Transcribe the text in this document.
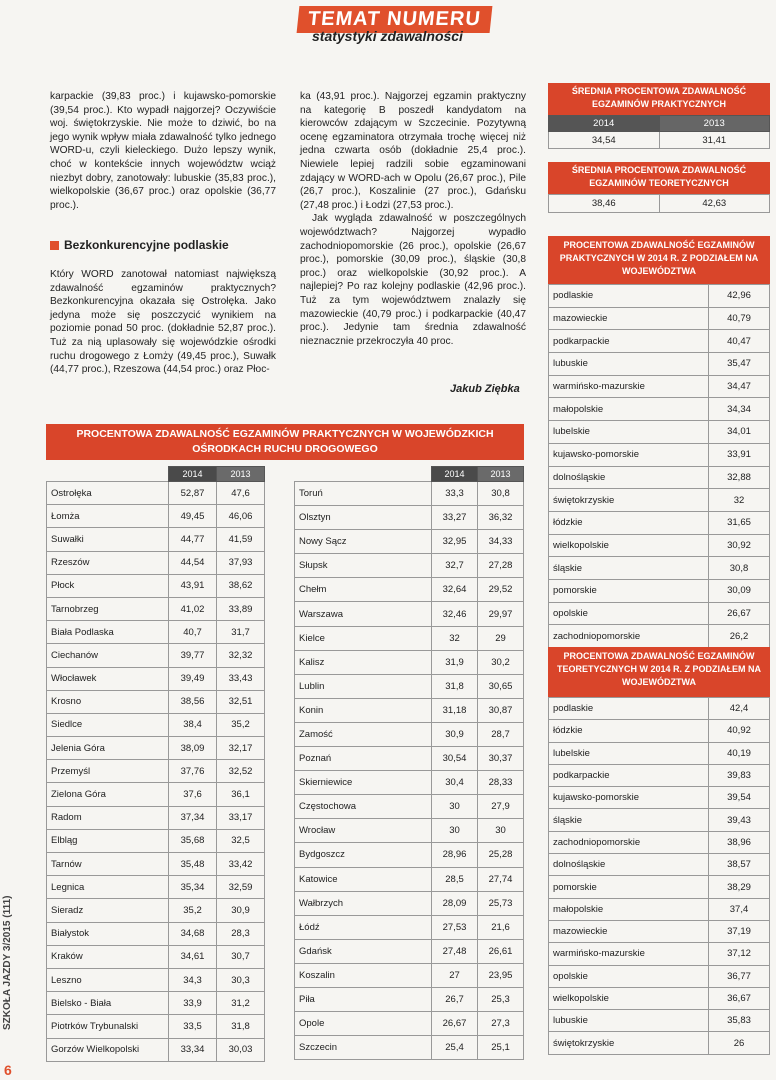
TEMAT NUMERU
statystyki zdawalności

karpackie (39,83 proc.) i kujawsko-pomorskie (39,54 proc.). Kto wypadł najgorzej? Oczywiście woj. świętokrzyskie. Nie może to dziwić, bo na jego wynik wpływ miała zdawalność tylko jednego WORD-u, czyli kieleckiego. Dużo lepszy wynik, choć w kontekście innych województw wciąż niezbyt dobry, zanotowały: lubuskie (35,83 proc.), wielkopolskie (36,67 proc.) oraz opolskie (36,77 proc.).

Bezkonkurencyjne podlaskie

Który WORD zanotował natomiast największą zdawalność egzaminów praktycznych? Bezkonkurencyjna okazała się Ostrołęka. Jako jedyna może się poszczycić wynikiem na poziomie ponad 50 proc. (dokładnie 52,87 proc.). Tuż za nią uplasowały się wojewódzkie ośrodki ruchu drogowego z Łomży (49,45 proc.), Suwałk (44,77 proc.), Rzeszowa (44,54 proc.) oraz Płoc-

ka (43,91 proc.). Najgorzej egzamin praktyczny na kategorię B poszedł kandydatom na kierowców zdającym w Szczecinie. Pozytywną ocenę egzaminatora otrzymała trochę więcej niż jedna czwarta osób (dokładnie 25,4 proc.). Niewiele lepiej radzili sobie egzaminowani zdający w WORD-ach w Opolu (26,67 proc.), Pile (26,7 proc.), Koszalinie (27 proc.), Gdańsku (27,48 proc.) i Łodzi (27,53 proc.).

Jak wygląda zdawalność w poszczególnych województwach? Najgorzej wypadło zachodniopomorskie (26 proc.), opolskie (26,67 proc.), pomorskie (30,09 proc.), śląskie (30,8 proc.) oraz wielkopolskie (30,92 proc.). A najlepiej? Po raz kolejny podlaskie (42,96 proc.). Tuż za tym województwem znalazły się mazowieckie (40,79 proc.) i podkarpackie (40,47 proc.). Jedynie tam średnia zdawalność nieznacznie przekroczyła 40 proc.

Jakub Ziębka
ŚREDNIA PROCENTOWA ZDAWALNOŚĆ EGZAMINÓW PRAKTYCZNYCH
2014	2013
34,54	31,41
ŚREDNIA PROCENTOWA ZDAWALNOŚĆ EGZAMINÓW TEORETYCZNYCH
38,46	42,63
PROCENTOWA ZDAWALNOŚĆ EGZAMINÓW PRAKTYCZNYCH W 2014 R. Z PODZIAŁEM NA WOJEWÓDZTWA
podlaskie	42,96
mazowieckie	40,79
podkarpackie	40,47
lubuskie	35,47
warmińsko-mazurskie	34,47
małopolskie	34,34
lubelskie	34,01
kujawsko-pomorskie	33,91
dolnośląskie	32,88
świętokrzyskie	32
łódzkie	31,65
wielkopolskie	30,92
śląskie	30,8
pomorskie	30,09
opolskie	26,67
zachodniopomorskie	26,2
PROCENTOWA ZDAWALNOŚĆ EGZAMINÓW TEORETYCZNYCH W 2014 R. Z PODZIAŁEM NA WOJEWÓDZTWA
podlaskie	42,4
łódzkie	40,92
lubelskie	40,19
podkarpackie	39,83
kujawsko-pomorskie	39,54
śląskie	39,43
zachodniopomorskie	38,96
dolnośląskie	38,57
pomorskie	38,29
małopolskie	37,4
mazowieckie	37,19
warmińsko-mazurskie	37,12
opolskie	36,77
wielkopolskie	36,67
lubuskie	35,83
świętokrzyskie	26
PROCENTOWA ZDAWALNOŚĆ EGZAMINÓW PRAKTYCZNYCH W WOJEWÓDZKICH OŚRODKACH RUCHU DROGOWEGO
	2014	2013
Ostrołęka	52,87	47,6
Łomża	49,45	46,06
Suwałki	44,77	41,59
Rzeszów	44,54	37,93
Płock	43,91	38,62
Tarnobrzeg	41,02	33,89
Biała Podlaska	40,7	31,7
Ciechanów	39,77	32,32
Włocławek	39,49	33,43
Krosno	38,56	32,51
Siedlce	38,4	35,2
Jelenia Góra	38,09	32,17
Przemyśl	37,76	32,52
Zielona Góra	37,6	36,1
Radom	37,34	33,17
Elbląg	35,68	32,5
Tarnów	35,48	33,42
Legnica	35,34	32,59
Sieradz	35,2	30,9
Białystok	34,68	28,3
Kraków	34,61	30,7
Leszno	34,3	30,3
Bielsko - Biała	33,9	31,2
Piotrków Trybunalski	33,5	31,8
Gorzów Wielkopolski	33,34	30,03
	2014	2013
Toruń	33,3	30,8
Olsztyn	33,27	36,32
Nowy Sącz	32,95	34,33
Słupsk	32,7	27,28
Chełm	32,64	29,52
Warszawa	32,46	29,97
Kielce	32	29
Kalisz	31,9	30,2
Lublin	31,8	30,65
Konin	31,18	30,87
Zamość	30,9	28,7
Poznań	30,54	30,37
Skierniewice	30,4	28,33
Częstochowa	30	27,9
Wrocław	30	30
Bydgoszcz	28,96	25,28
Katowice	28,5	27,74
Wałbrzych	28,09	25,73
Łódź	27,53	21,6
Gdańsk	27,48	26,61
Koszalin	27	23,95
Piła	26,7	25,3
Opole	26,67	27,3
Szczecin	25,4	25,1
SZKOŁA JAZDY 3/2015 (111)
6
